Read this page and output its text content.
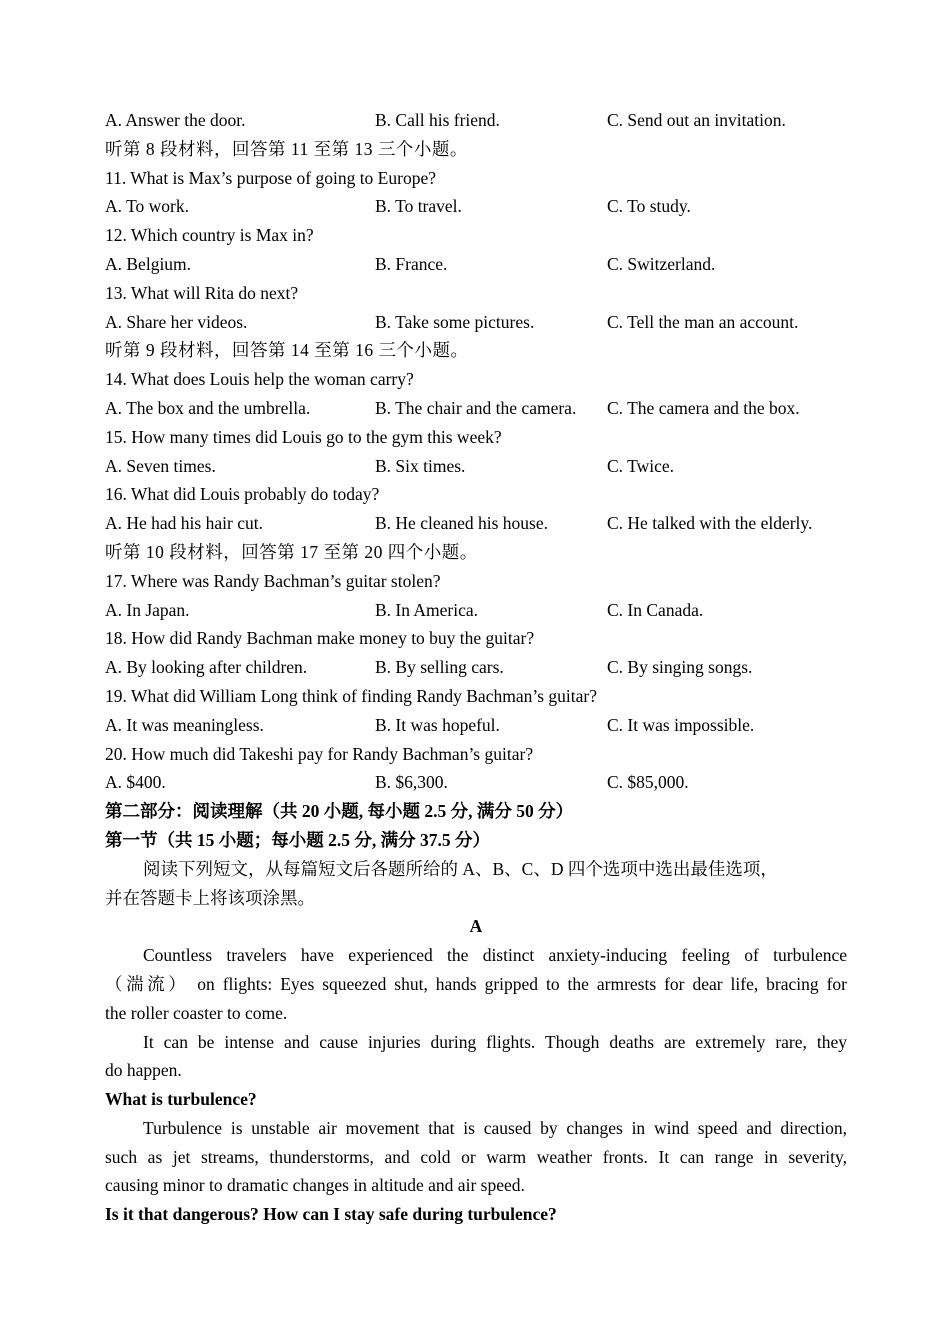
A. Answer the door.	B. Call his friend.	C. Send out an invitation.
听第 8 段材料，回答第 11 至第 13 三个小题。
11. What is Max’s purpose of going to Europe?
A. To work.	B. To travel.	C. To study.
12. Which country is Max in?
A. Belgium.	B. France.	C. Switzerland.
13. What will Rita do next?
A. Share her videos.	B. Take some pictures.	C. Tell the man an account.
听第 9 段材料，回答第 14 至第 16 三个小题。
14. What does Louis help the woman carry?
A. The box and the umbrella.	B. The chair and the camera. C. The camera and the box.
15. How many times did Louis go to the gym this week?
A. Seven times.	B. Six times.	C. Twice.
16. What did Louis probably do today?
A. He had his hair cut.	B. He cleaned his house.	C. He talked with the elderly.
听第 10 段材料，回答第 17 至第 20 四个小题。
17. Where was Randy Bachman’s guitar stolen?
A. In Japan.	B. In America.	C. In Canada.
18. How did Randy Bachman make money to buy the guitar?
A. By looking after children.	B. By selling cars.	C. By singing songs.
19. What did William Long think of finding Randy Bachman’s guitar?
A. It was meaningless.	B. It was hopeful.	C. It was impossible.
20. How much did Takeshi pay for Randy Bachman’s guitar?
A. $400.	B. $6,300.	C. $85,000.
第二部分：阅读理解（共 20 小题, 每小题 2.5 分, 满分 50 分）
第一节（共 15 小题；每小题 2.5 分, 满分 37.5 分）
阅读下列短文，从每篇短文后各题所给的 A、B、C、D 四个选项中选出最佳选项，
并在答题卡上将该项涂黑。
A
Countless travelers have experienced the distinct anxiety-inducing feeling of turbulence
（湍流） on flights: Eyes squeezed shut, hands gripped to the armrests for dear life, bracing for
the roller coaster to come.
It can be intense and cause injuries during flights. Though deaths are extremely rare, they
do happen.
What is turbulence?
Turbulence is unstable air movement that is caused by changes in wind speed and direction,
such as jet streams, thunderstorms, and cold or warm weather fronts. It can range in severity,
causing minor to dramatic changes in altitude and air speed.
Is it that dangerous? How can I stay safe during turbulence?
